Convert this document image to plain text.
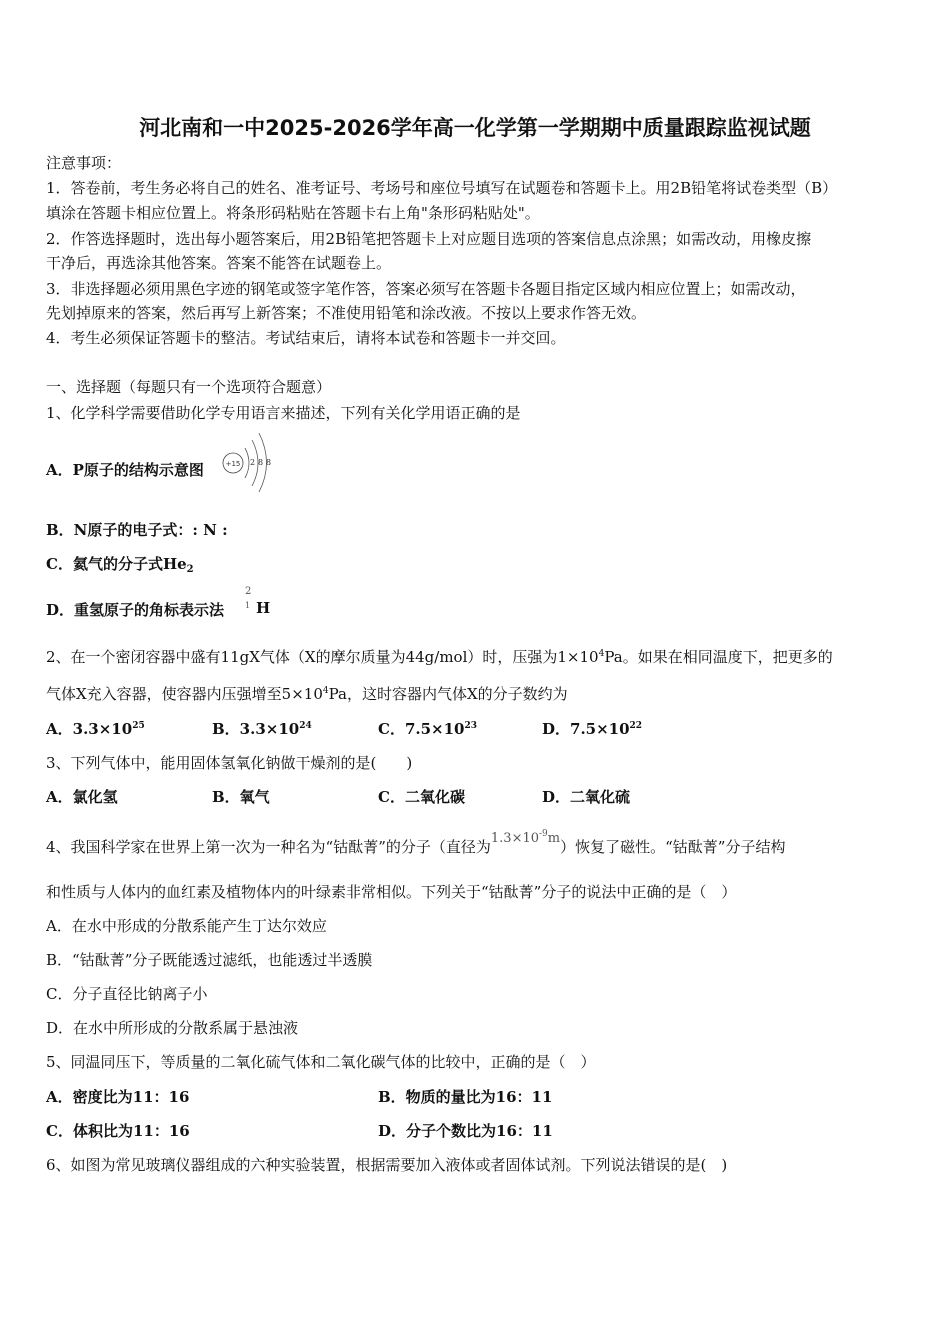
河北南和一中2025-2026学年高一化学第一学期期中质量跟踪监视试题
注意事项：
1．答卷前，考生务必将自己的姓名、准考证号、考场号和座位号填写在试题卷和答题卡上。用2B铅笔将试卷类型（B）
填涂在答题卡相应位置上。将条形码粘贴在答题卡右上角"条形码粘贴处"。
2．作答选择题时，选出每小题答案后，用2B铅笔把答题卡上对应题目选项的答案信息点涂黑；如需改动，用橡皮擦
干净后，再选涂其他答案。答案不能答在试题卷上。
3．非选择题必须用黑色字迹的钢笔或签字笔作答，答案必须写在答题卡各题目指定区域内相应位置上；如需改动，
先划掉原来的答案，然后再写上新答案；不准使用铅笔和涂改液。不按以上要求作答无效。
4．考生必须保证答题卡的整洁。考试结束后，请将本试卷和答题卡一并交回。
一、选择题（每题只有一个选项符合题意）
1、化学科学需要借助化学专用语言来描述，下列有关化学用语正确的是
A．P原子的结构示意图	+15 2 8 8
B．N原子的电子式：: N :
C．氦气的分子式$He_2$
D．重氢原子的角标表示法
2
1 H
2、在一个密闭容器中盛有11gX气体（X的摩尔质量为44g/mol）时，压强为$1\times 10^4Pa$。如果在相同温度下，把更多的
气体X充入容器，使容器内压强增至$5\times 10^4Pa$，这时容器内气体X的分子数约为
A．$3.3\times 10^{25}$	B．$3.3\times 10^{24}$	C．$7.5\times 10^{23}$	D．$7.5\times 10^{22}$
3、下列气体中，能用固体氢氧化钠做干燥剂的是(　　)
A．氯化氢	B．氧气	C．二氧化碳	D．二氧化硫
4、我国科学家在世界上第一次为一种名为“钴酞菁”的分子（直径为$1.3\times 10^{-9}m$）恢复了磁性。“钴酞菁”分子结构
和性质与人体内的血红素及植物体内的叶绿素非常相似。下列关于“钴酞菁”分子的说法中正确的是（　）
A．在水中形成的分散系能产生丁达尔效应
B．“钴酞菁”分子既能透过滤纸，也能透过半透膜
C．分子直径比钠离子小
D．在水中所形成的分散系属于悬浊液
5、同温同压下，等质量的二氧化硫气体和二氧化碳气体的比较中，正确的是（　）
A．密度比为11：16	B．物质的量比为16：11
C．体积比为11：16	D．分子个数比为16：11
6、如图为常见玻璃仪器组成的六种实验装置，根据需要加入液体或者固体试剂。下列说法错误的是(　)
